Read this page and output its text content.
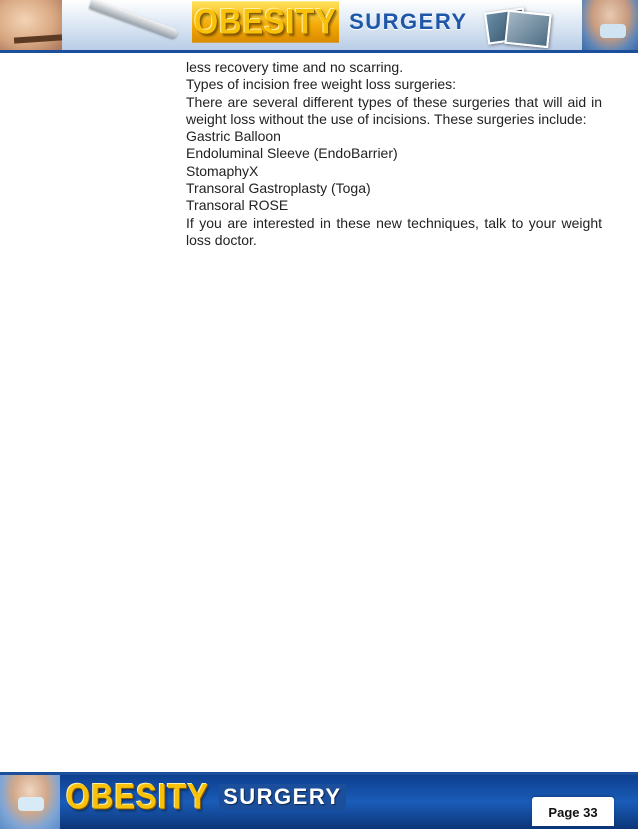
OBESITY SURGERY

less recovery time and no scarring.

Types of incision free weight loss surgeries:

There are several different types of these surgeries that will aid in weight loss without the use of incisions. These surgeries include:

Gastric Balloon

Endoluminal Sleeve (EndoBarrier)

StomaphyX

Transoral Gastroplasty (Toga)

Transoral ROSE

If you are interested in these new techniques, talk to your weight loss doctor.

OBESITY SURGERY
Page 33
